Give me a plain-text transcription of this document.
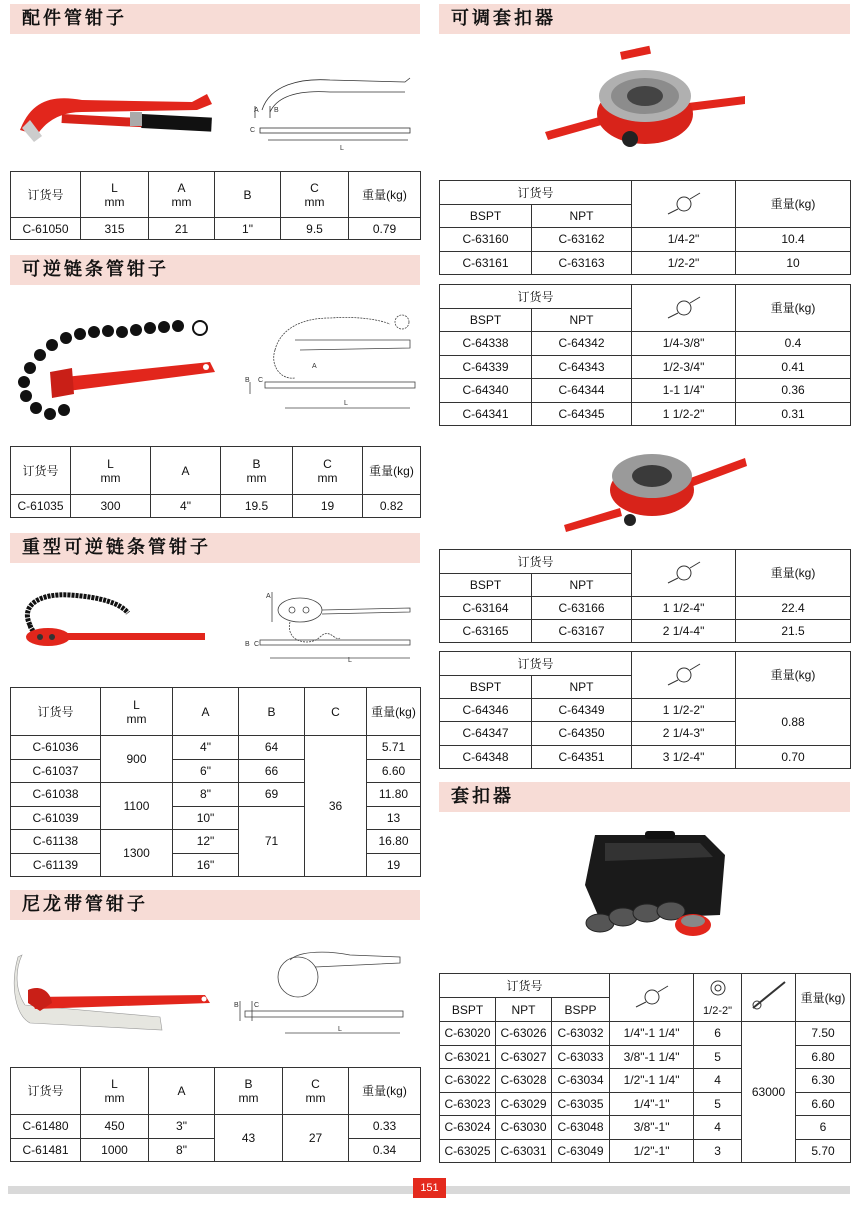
配件管钳子
A B
C
L
订货号	L
mm	A
mm	B	C
mm	重量(kg)
C-61050	315	21	1"	9.5	0.79
可逆链条管钳子
A
B C
L
订货号	L
mm	A	B
mm	C
mm	重量(kg)
C-61035	300	4"	19.5	19	0.82
重型可逆链条管钳子
A
B C
L
订货号	L
mm	A	B	C	重量(kg)
C-61036	900	4"	64	36	5.71
C-61037		6"	66		6.60
C-61038	1100	8"	69		11.80
C-61039		10"	71		13
C-61138	1300	12"			16.80
C-61139		16"			19
尼龙带管钳子
B C
L
订货号	L
mm	A	B
mm	C
mm	重量(kg)
C-61480	450	3"	43	27	0.33
C-61481	1000	8"			0.34
可调套扣器
订货号			重量(kg)
BSPT	NPT		
C-63160	C-63162	1/4-2"	10.4
C-63161	C-63163	1/2-2"	10
订货号			重量(kg)
BSPT	NPT		
C-64338	C-64342	1/4-3/8"	0.4
C-64339	C-64343	1/2-3/4"	0.41
C-64340	C-64344	1-1 1/4"	0.36
C-64341	C-64345	1 1/2-2"	0.31
订货号			重量(kg)
BSPT	NPT		
C-63164	C-63166	1 1/2-4"	22.4
C-63165	C-63167	2 1/4-4"	21.5
订货号			重量(kg)
BSPT	NPT		
C-64346	C-64349	1 1/2-2"	0.88
C-64347	C-64350	2 1/4-3"	
C-64348	C-64351	3 1/2-4"	0.70
套扣器
订货号				1/2-2"		重量(kg)
BSPT	NPT	BSPP				
C-63020	C-63026	C-63032	1/4"-1 1/4"	6	63000	7.50
C-63021	C-63027	C-63033	3/8"-1 1/4"	5		6.80
C-63022	C-63028	C-63034	1/2"-1 1/4"	4		6.30
C-63023	C-63029	C-63035	1/4"-1"	5		6.60
C-63024	C-63030	C-63048	3/8"-1"	4		6
C-63025	C-63031	C-63049	1/2"-1"	3		5.70
151
